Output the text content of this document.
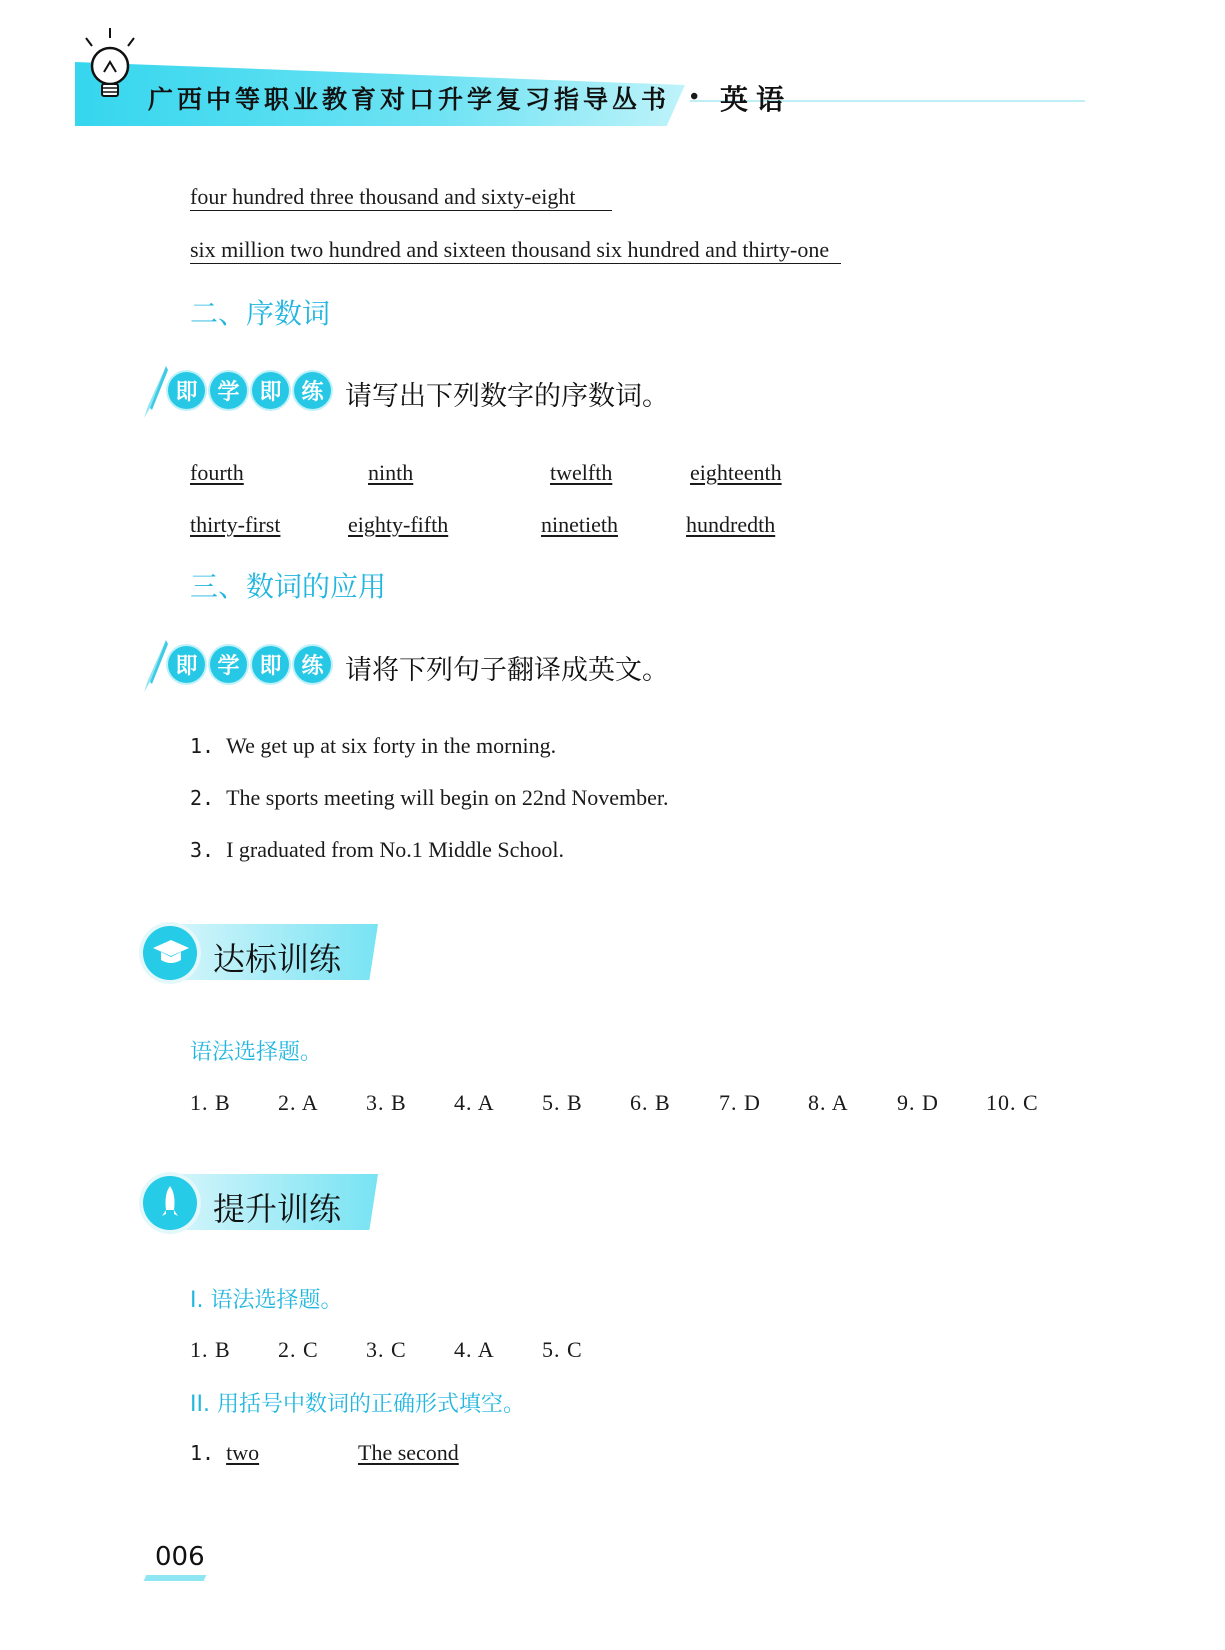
广西中等职业教育对口升学复习指导丛书 • 英语
four hundred three thousand and sixty-eight
six million two hundred and sixteen thousand six hundred and thirty-one
二、序数词
即 学 即 练 请写出下列数字的序数词。
fourth	ninth	twelfth	eighteenth
thirty-first	eighty-fifth	ninetieth	hundredth
三、数词的应用
即 学 即 练 请将下列句子翻译成英文。
1. We get up at six forty in the morning.
2. The sports meeting will begin on 22nd November.
3. I graduated from No.1 Middle School.
达标训练
语法选择题。
1. B 2. A 3. B 4. A 5. B 6. B 7. D 8. A 9. D 10. C
提升训练
I. 语法选择题。
1. B 2. C 3. C 4. A 5. C
II. 用括号中数词的正确形式填空。
1. two	The second
006
